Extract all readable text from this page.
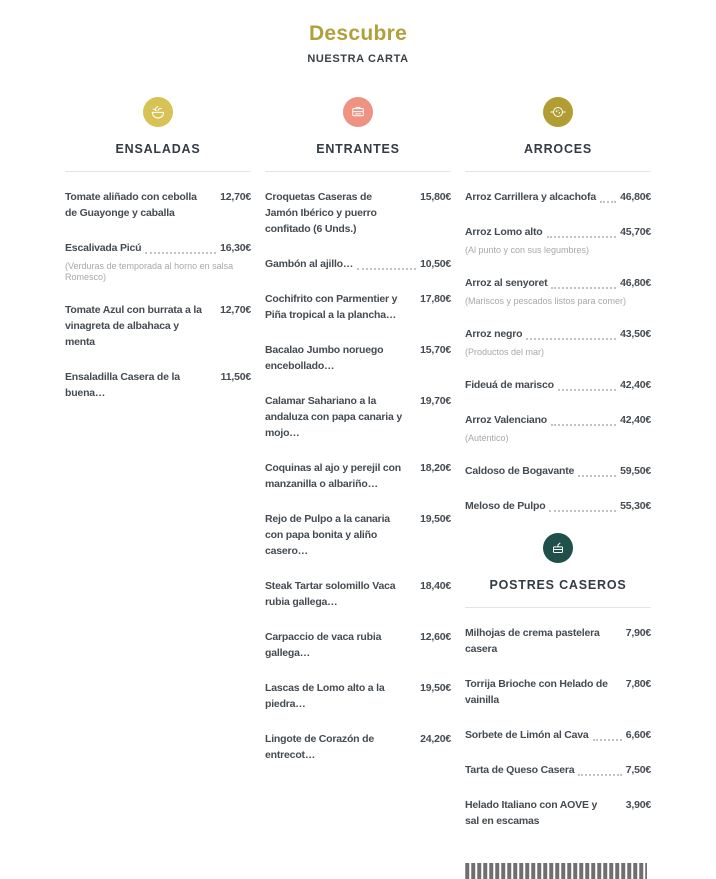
Descubre
NUESTRA CARTA
ENSALADAS
Tomate aliñado con cebolla de Guayonge y caballa
12,70€
Escalivada Picú	16,30€
(Verduras de temporada al horno en salsa Romesco)
Tomate Azul con burrata a la vinagreta de albahaca y menta
12,70€
Ensaladilla Casera de la buena…
11,50€
ENTRANTES
Croquetas Caseras de Jamón Ibérico y puerro confitado (6 Unds.)
15,80€
Gambón al ajillo…	10,50€
Cochifrito con Parmentier y Piña tropical a la plancha…
17,80€
Bacalao Jumbo noruego encebollado…
15,70€
Calamar Sahariano a la andaluza con papa canaria y mojo…
19,70€
Coquinas al ajo y perejil con manzanilla o albariño…
18,20€
Rejo de Pulpo a la canaria con papa bonita y aliño casero…
19,50€
Steak Tartar solomillo Vaca rubia gallega…
18,40€
Carpaccio de vaca rubia gallega…
12,60€
Lascas de Lomo alto a la piedra…
19,50€
Lingote de Corazón de entrecot…
24,20€
ARROCES
Arroz Carrillera y alcachofa 46,80€
Arroz Lomo alto	45,70€
(Al punto y con sus legumbres)
Arroz al senyoret	46,80€
(Mariscos y pescados listos para comer)
Arroz negro	43,50€
(Productos del mar)
Fideuá de marisco	42,40€
Arroz Valenciano	42,40€
(Auténtico)
Caldoso de Bogavante	59,50€
Meloso de Pulpo	55,30€
POSTRES CASEROS
Milhojas de crema pastelera casera
7,90€
Torrija Brioche con Helado de vainilla
7,80€
Sorbete de Limón al Cava	6,60€
Tarta de Queso Casera	7,50€
Helado Italiano con AOVE y sal en escamas
3,90€
